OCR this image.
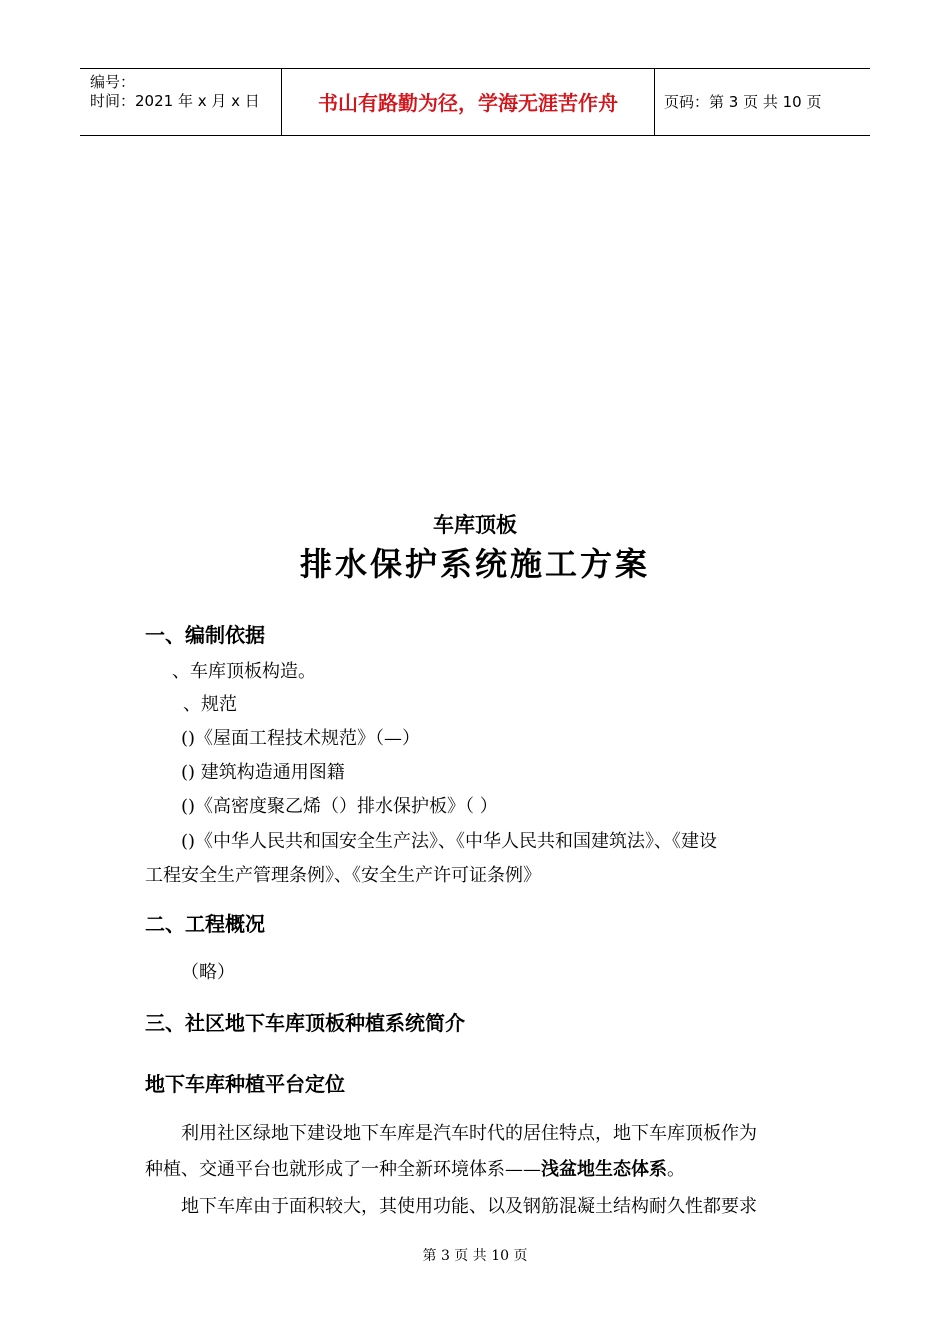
编号：
时间：2021 年 x 月 x 日	书山有路勤为径，学海无涯苦作舟	页码：第 3 页 共 10 页
车库顶板
排水保护系统施工方案
一、编制依据
、车库顶板构造。
、规范
()《屋面工程技术规范》（—）
() 建筑构造通用图籍
()《高密度聚乙烯（）排水保护板》（ ）
()《中华人民共和国安全生产法》、《中华人民共和国建筑法》、《建设
工程安全生产管理条例》、《安全生产许可证条例》
二、工程概况
（略）
三、社区地下车库顶板种植系统简介
地下车库种植平台定位
利用社区绿地下建设地下车库是汽车时代的居住特点，地下车库顶板作为
种植、交通平台也就形成了一种全新环境体系——浅盆地生态体系。
地下车库由于面积较大，其使用功能、以及钢筋混凝土结构耐久性都要求
第 3 页 共 10 页
